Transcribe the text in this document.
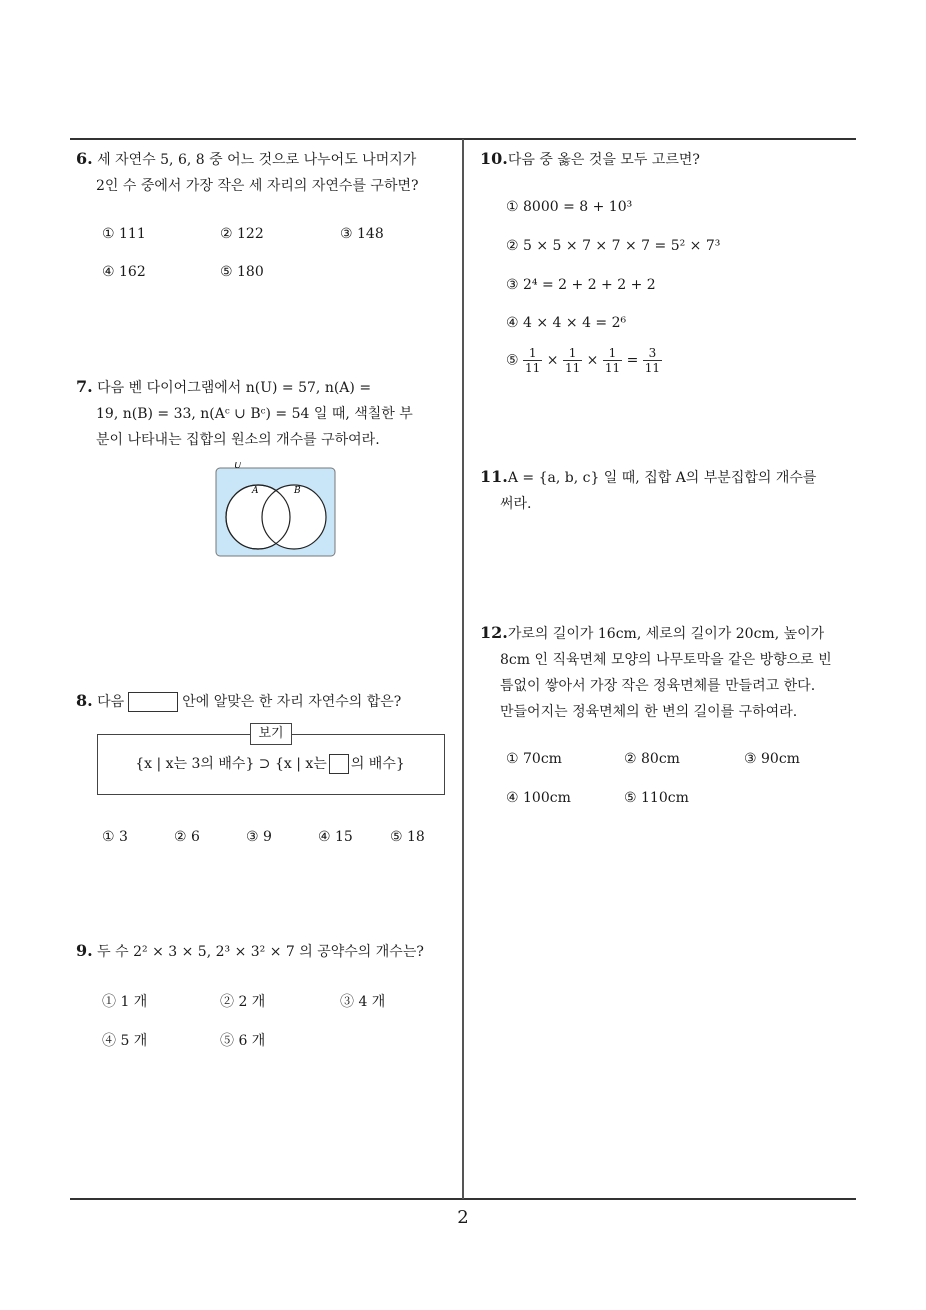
6. 세 자연수 5, 6, 8 중 어느 것으로 나누어도 나머지가
2인 수 중에서 가장 작은 세 자리의 자연수를 구하면?
① 111	② 122	③ 148
④ 162	⑤ 180
7. 다음 벤 다이어그램에서 n(U) = 57, n(A) =
19, n(B) = 33, n(Aᶜ ∪ Bᶜ) = 54 일 때, 색칠한 부
분이 나타내는 집합의 원소의 개수를 구하여라.
U
A	B
8. 다음	안에 알맞은 한 자리 자연수의 합은?
보기
{x | x는 3의 배수} ⊃ {x | x는 의 배수}
① 3	② 6	③ 9	④ 15	⑤ 18
9. 두 수 2² × 3 × 5, 2³ × 3² × 7 의 공약수의 개수는?
① 1 개	② 2 개	③ 4 개
④ 5 개	⑤ 6 개
10.다음 중 옳은 것을 모두 고르면?
① 8000 = 8 + 10³
② 5 × 5 × 7 × 7 × 7 = 5² × 7³
③ 2⁴ = 2 + 2 + 2 + 2
④ 4 × 4 × 4 = 2⁶
⑤ $\frac{1}{11} \times \frac{1}{11} \times \frac{1}{11} = \frac{3}{11}$
11.A = {a, b, c} 일 때, 집합 A의 부분집합의 개수를
써라.
12.가로의 길이가 16cm, 세로의 길이가 20cm, 높이가
8cm 인 직육면체 모양의 나무토막을 같은 방향으로 빈
틈없이 쌓아서 가장 작은 정육면체를 만들려고 한다.
만들어지는 정육면체의 한 변의 길이를 구하여라.
① 70cm	② 80cm	③ 90cm
④ 100cm	⑤ 110cm
2
